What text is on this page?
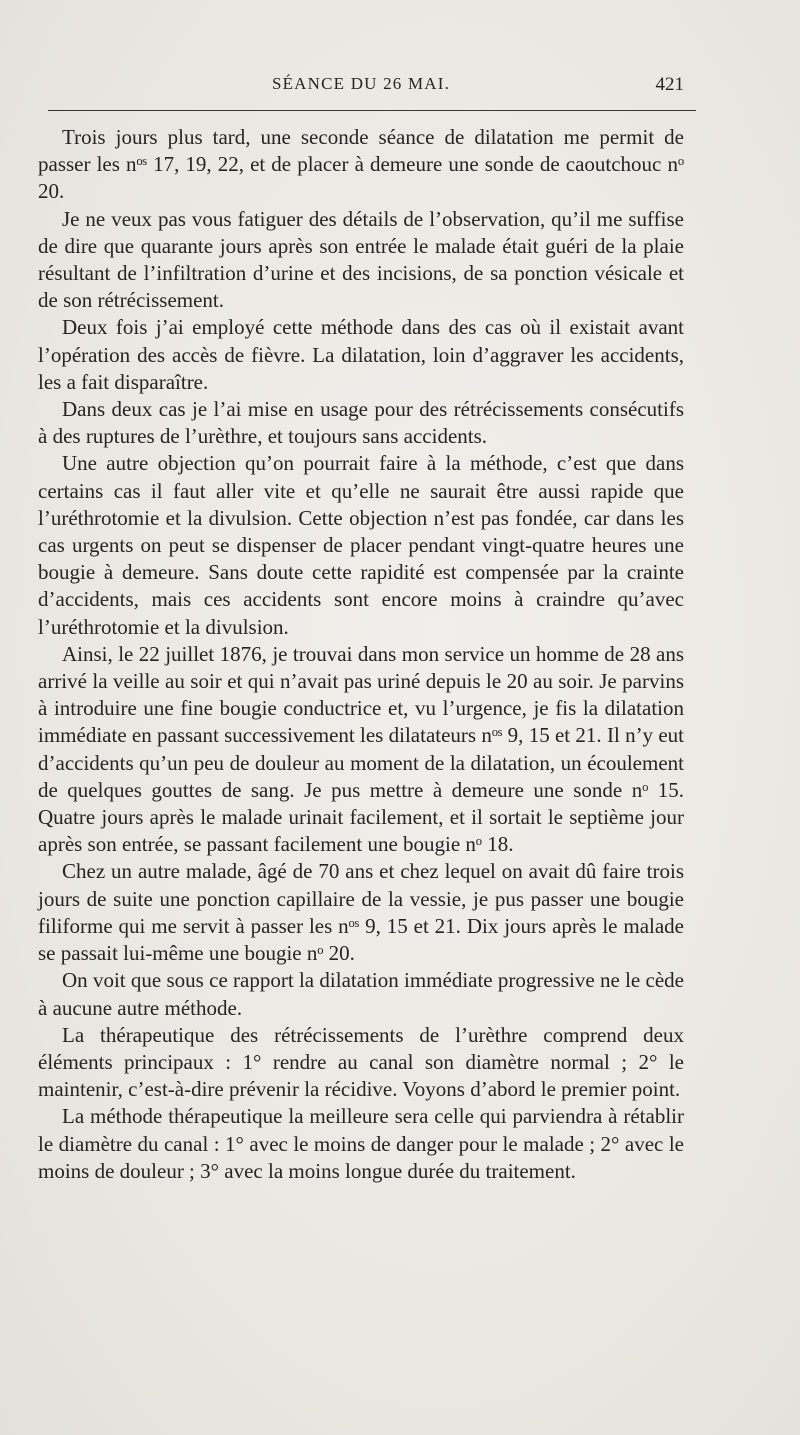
SÉANCE DU 26 MAI.	421

Trois jours plus tard, une seconde séance de dilatation me permit de passer les nᵒˢ 17, 19, 22, et de placer à demeure une sonde de caoutchouc nᵒ 20.

Je ne veux pas vous fatiguer des détails de l’observation, qu’il me suffise de dire que quarante jours après son entrée le malade était guéri de la plaie résultant de l’infiltration d’urine et des incisions, de sa ponction vésicale et de son rétrécissement.

Deux fois j’ai employé cette méthode dans des cas où il existait avant l’opération des accès de fièvre. La dilatation, loin d’aggraver les accidents, les a fait disparaître.

Dans deux cas je l’ai mise en usage pour des rétrécissements consécutifs à des ruptures de l’urèthre, et toujours sans accidents.

Une autre objection qu’on pourrait faire à la méthode, c’est que dans certains cas il faut aller vite et qu’elle ne saurait être aussi rapide que l’uréthrotomie et la divulsion. Cette objection n’est pas fondée, car dans les cas urgents on peut se dispenser de placer pendant vingt-quatre heures une bougie à demeure. Sans doute cette rapidité est compensée par la crainte d’accidents, mais ces accidents sont encore moins à craindre qu’avec l’uréthrotomie et la divulsion.

Ainsi, le 22 juillet 1876, je trouvai dans mon service un homme de 28 ans arrivé la veille au soir et qui n’avait pas uriné depuis le 20 au soir. Je parvins à introduire une fine bougie conductrice et, vu l’urgence, je fis la dilatation immédiate en passant successivement les dilatateurs nᵒˢ 9, 15 et 21. Il n’y eut d’accidents qu’un peu de douleur au moment de la dilatation, un écoulement de quelques gouttes de sang. Je pus mettre à demeure une sonde nᵒ 15. Quatre jours après le malade urinait facilement, et il sortait le septième jour après son entrée, se passant facilement une bougie nᵒ 18.

Chez un autre malade, âgé de 70 ans et chez lequel on avait dû faire trois jours de suite une ponction capillaire de la vessie, je pus passer une bougie filiforme qui me servit à passer les nᵒˢ 9, 15 et 21. Dix jours après le malade se passait lui-même une bougie nᵒ 20.

On voit que sous ce rapport la dilatation immédiate progressive ne le cède à aucune autre méthode.

La thérapeutique des rétrécissements de l’urèthre comprend deux éléments principaux : 1° rendre au canal son diamètre normal ; 2° le maintenir, c’est-à-dire prévenir la récidive. Voyons d’abord le premier point.

La méthode thérapeutique la meilleure sera celle qui parviendra à rétablir le diamètre du canal : 1° avec le moins de danger pour le malade ; 2° avec le moins de douleur ; 3° avec la moins longue durée du traitement.
